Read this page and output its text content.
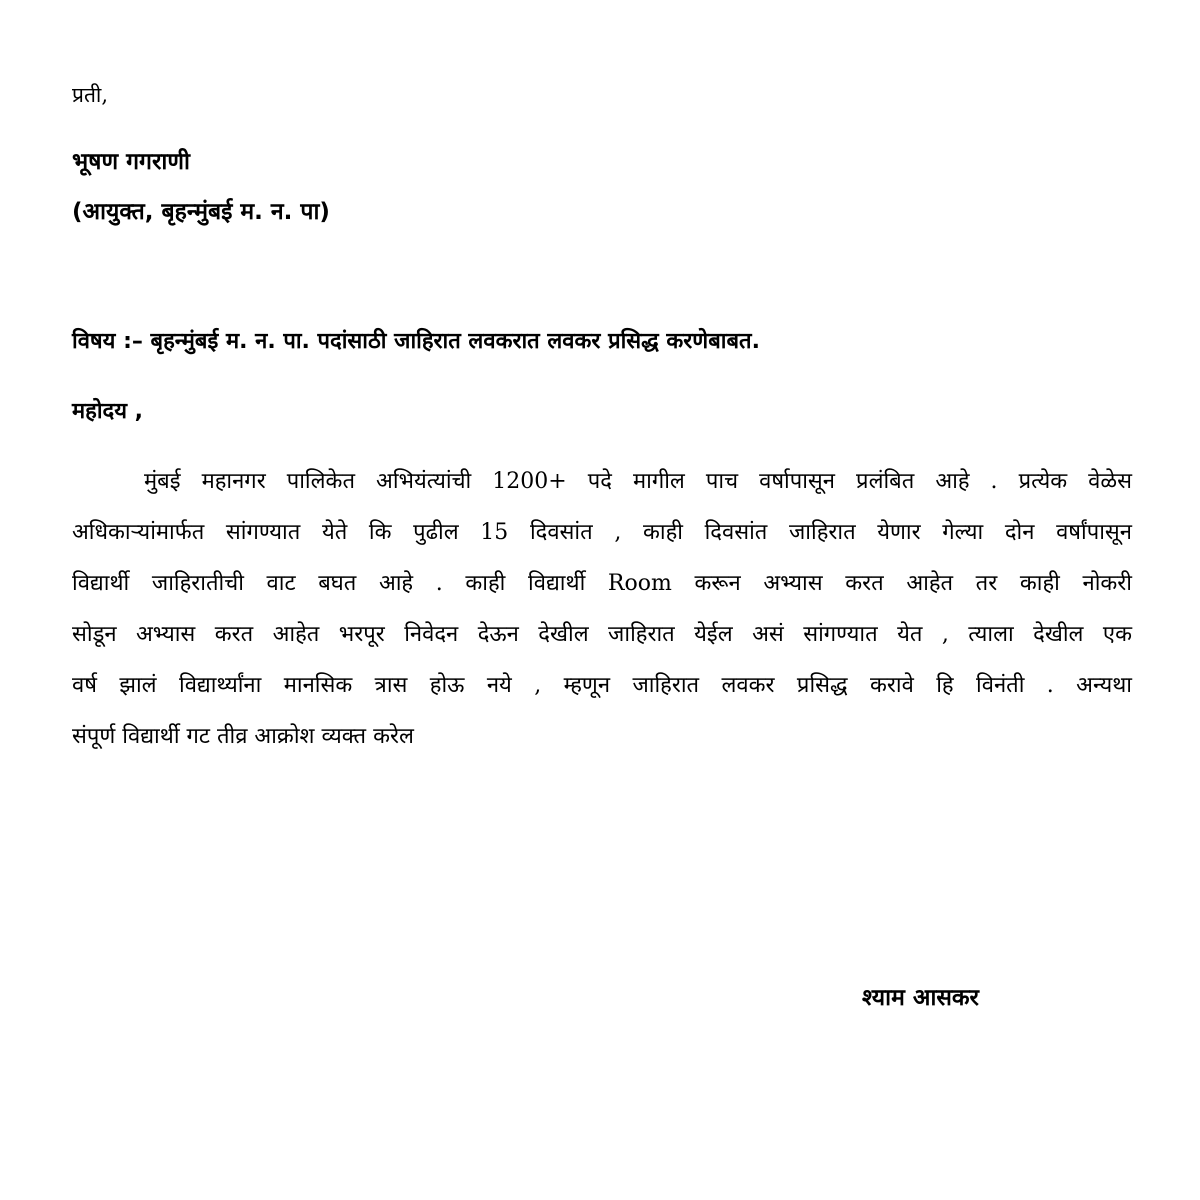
प्रती,
भूषण गगराणी
(आयुक्त, बृहन्मुंबई म. न. पा)
विषय :– बृहन्मुंबई म. न. पा. पदांसाठी जाहिरात लवकरात लवकर प्रसिद्ध करणेबाबत.
महोदय ,
मुंबई महानगर पालिकेत अभियंत्यांची 1200+ पदे मागील पाच वर्षापासून प्रलंबित आहे . प्रत्येक वेळेस
अधिकाऱ्यांमार्फत सांगण्यात येते कि पुढील 15 दिवसांत , काही दिवसांत जाहिरात येणार गेल्या दोन वर्षांपासून
विद्यार्थी जाहिरातीची वाट बघत आहे . काही विद्यार्थी Room करून अभ्यास करत आहेत तर काही नोकरी
सोडून अभ्यास करत आहेत भरपूर निवेदन देऊन देखील जाहिरात येईल असं सांगण्यात येत , त्याला देखील एक
वर्ष झालं विद्यार्थ्यांना मानसिक त्रास होऊ नये , म्हणून जाहिरात लवकर प्रसिद्ध करावे हि विनंती . अन्यथा
संपूर्ण विद्यार्थी गट तीव्र आक्रोश व्यक्त करेल
श्याम आसकर
